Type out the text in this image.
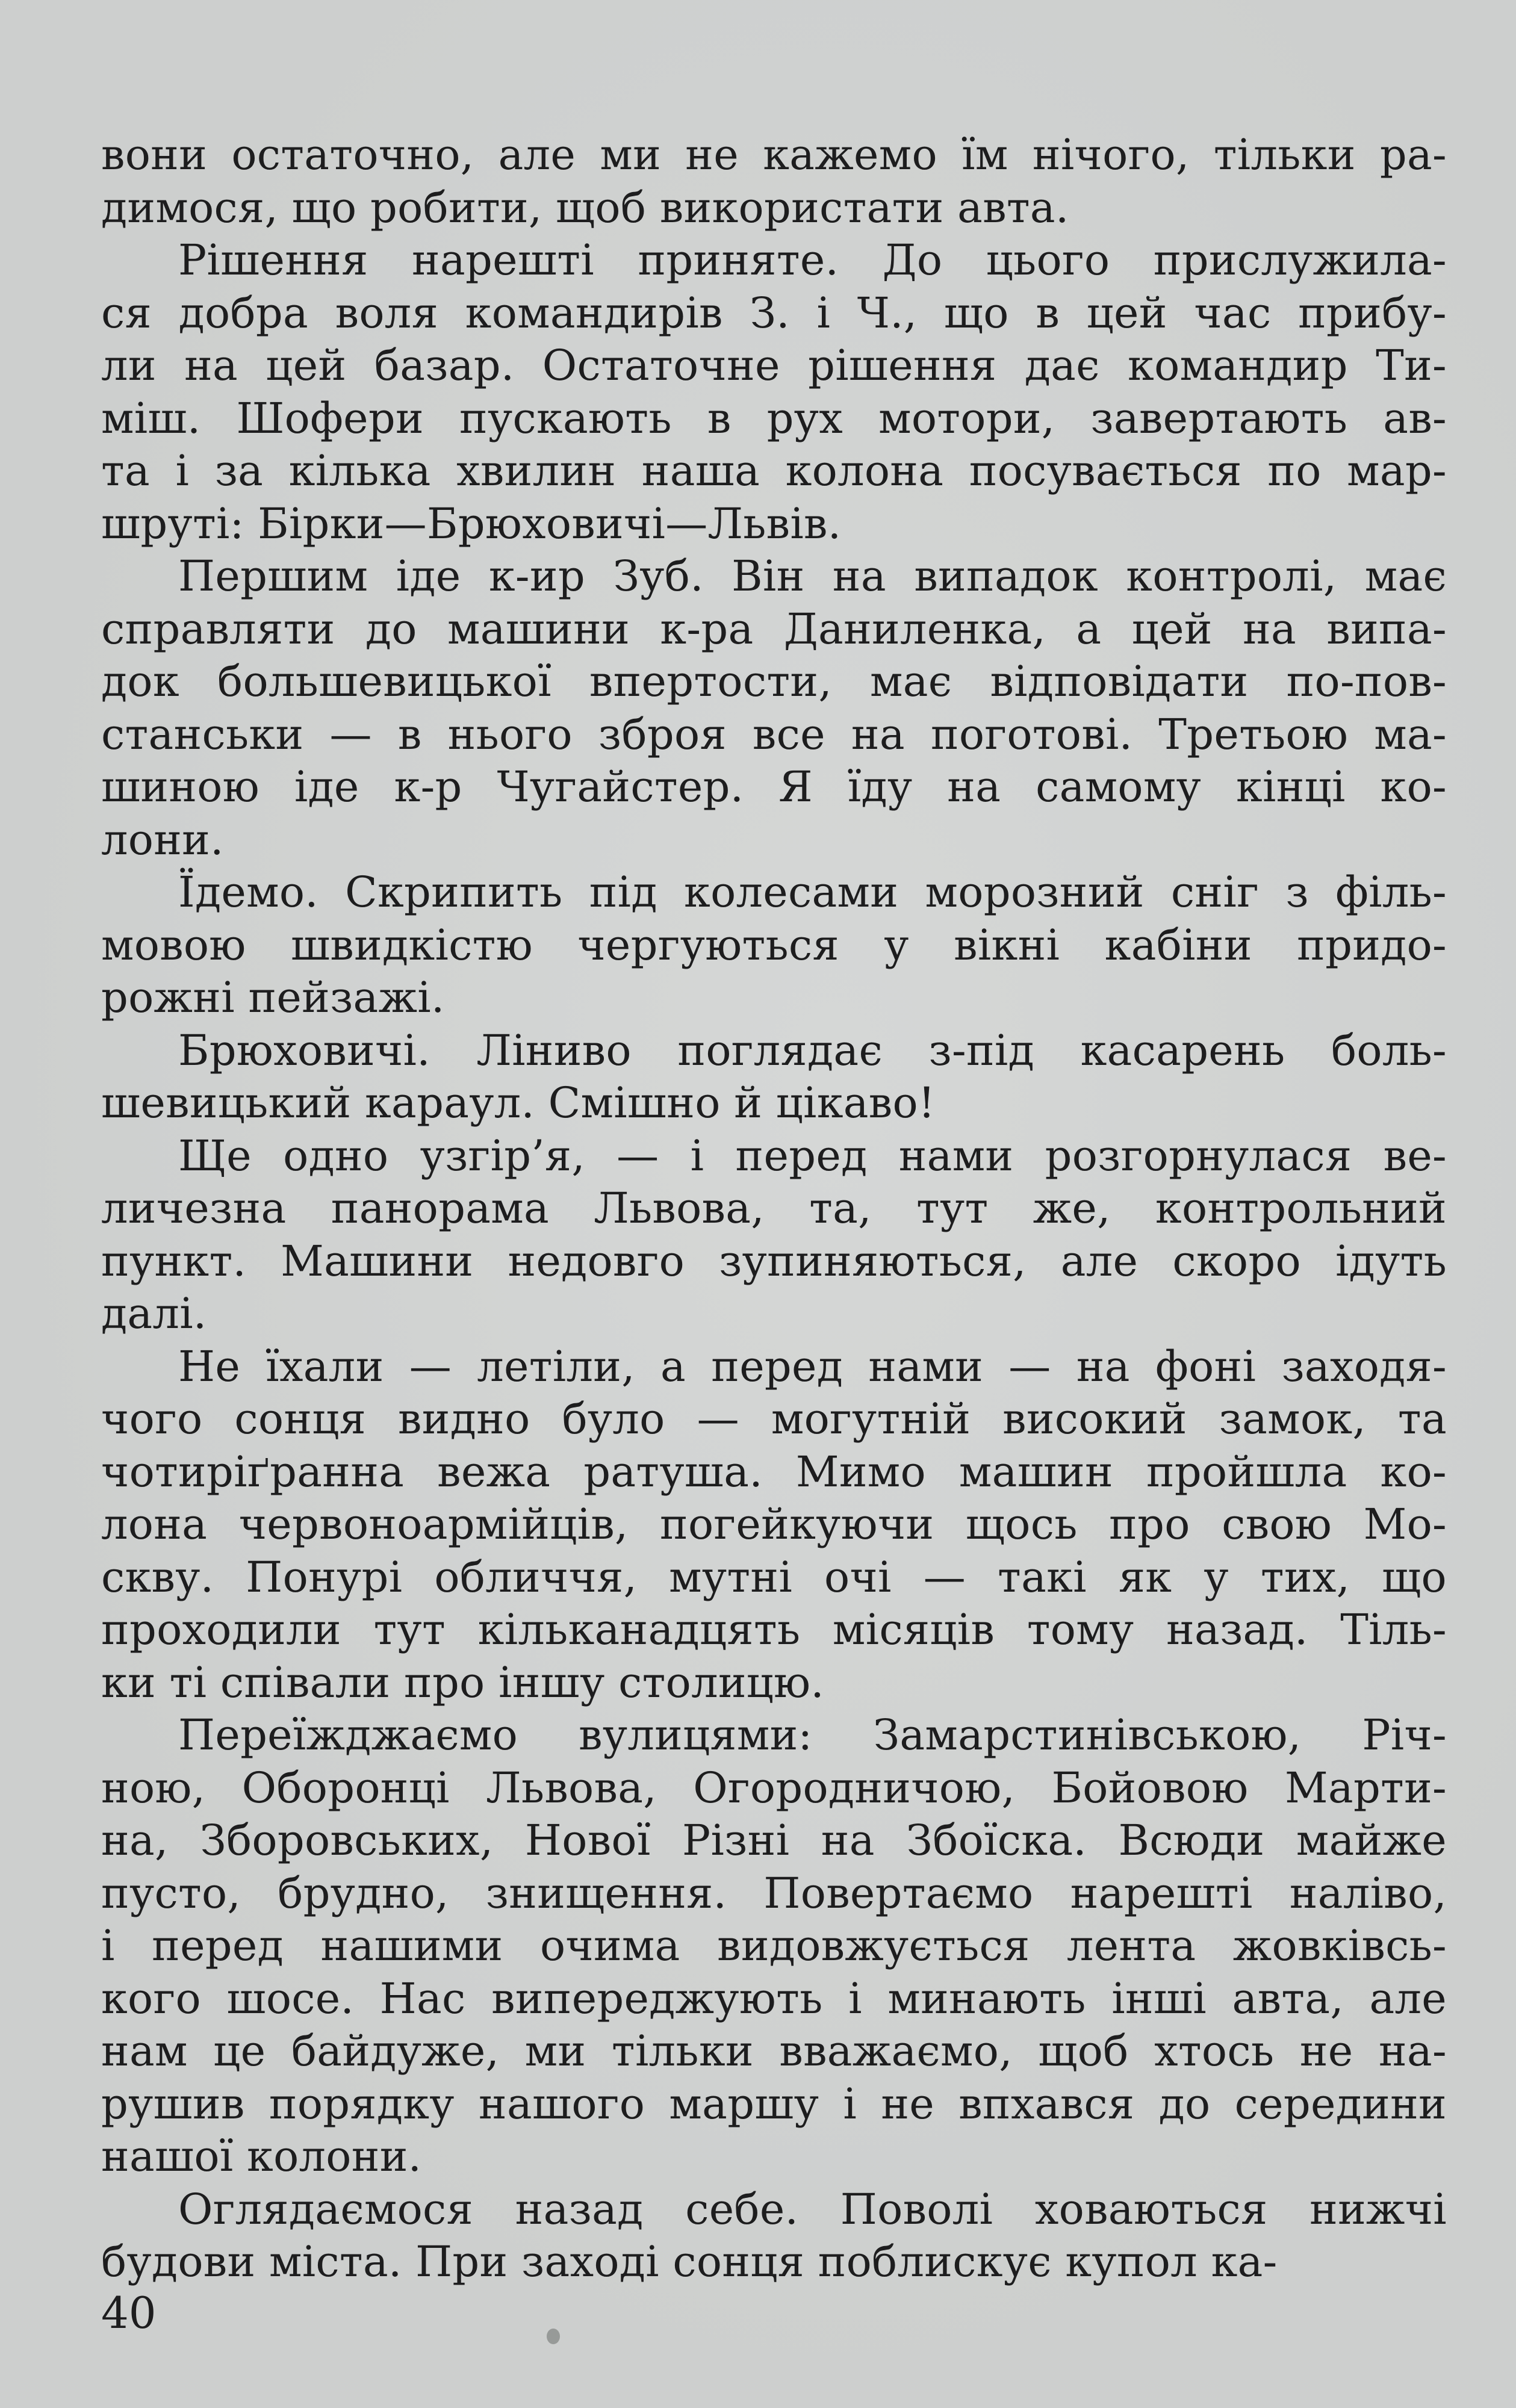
вони остаточно, але ми не кажемо їм нічого, тільки ра-
димося, що робити, щоб використати авта.
Рішення нарешті приняте. До цього прислужила-
ся добра воля командирів З. і Ч., що в цей час прибу-
ли на цей базар. Остаточне рішення дає командир Ти-
міш. Шофери пускають в рух мотори, завертають ав-
та і за кілька хвилин наша колона посувається по мар-
шруті: Бірки—Брюховичі—Львів.
Першим іде к-ир Зуб. Він на випадок контролі, має
справляти до машини к-ра Даниленка, а цей на випа-
док большевицької впертости, має відповідати по-пов-
станськи — в нього зброя все на поготові. Третьою ма-
шиною іде к-р Чугайстер. Я їду на самому кінці ко-
лони.
Їдемо. Скрипить під колесами морозний сніг з філь-
мовою швидкістю чергуються у вікні кабіни придо-
рожні пейзажі.
Брюховичі. Ліниво поглядає з-під касарень боль-
шевицький караул. Смішно й цікаво!
Ще одно узгір’я, — і перед нами розгорнулася ве-
личезна панорама Львова, та, тут же, контрольний
пункт. Машини недовго зупиняються, але скоро ідуть
далі.
Не їхали — летіли, а перед нами — на фоні заходя-
чого сонця видно було — могутній високий замок, та
чотиріґранна вежа ратуша. Мимо машин пройшла ко-
лона червоноармійців, погейкуючи щось про свою Мо-
скву. Понурі обличчя, мутні очі — такі як у тих, що
проходили тут кільканадцять місяців тому назад. Тіль-
ки ті співали про іншу столицю.
Переїжджаємо вулицями: Замарстинівською, Річ-
ною, Оборонці Львова, Огородничою, Бойовою Марти-
на, Зборовських, Нової Різні на Збоїска. Всюди майже
пусто, брудно, знищення. Повертаємо нарешті наліво,
і перед нашими очима видовжується лента жовківсь-
кого шосе. Нас випереджують і минають інші авта, але
нам це байдуже, ми тільки вважаємо, щоб хтось не на-
рушив порядку нашого маршу і не впхався до середини
нашої колони.
Оглядаємося назад себе. Поволі ховаються нижчі
будови міста. При заході сонця поблискує купол ка-
40
